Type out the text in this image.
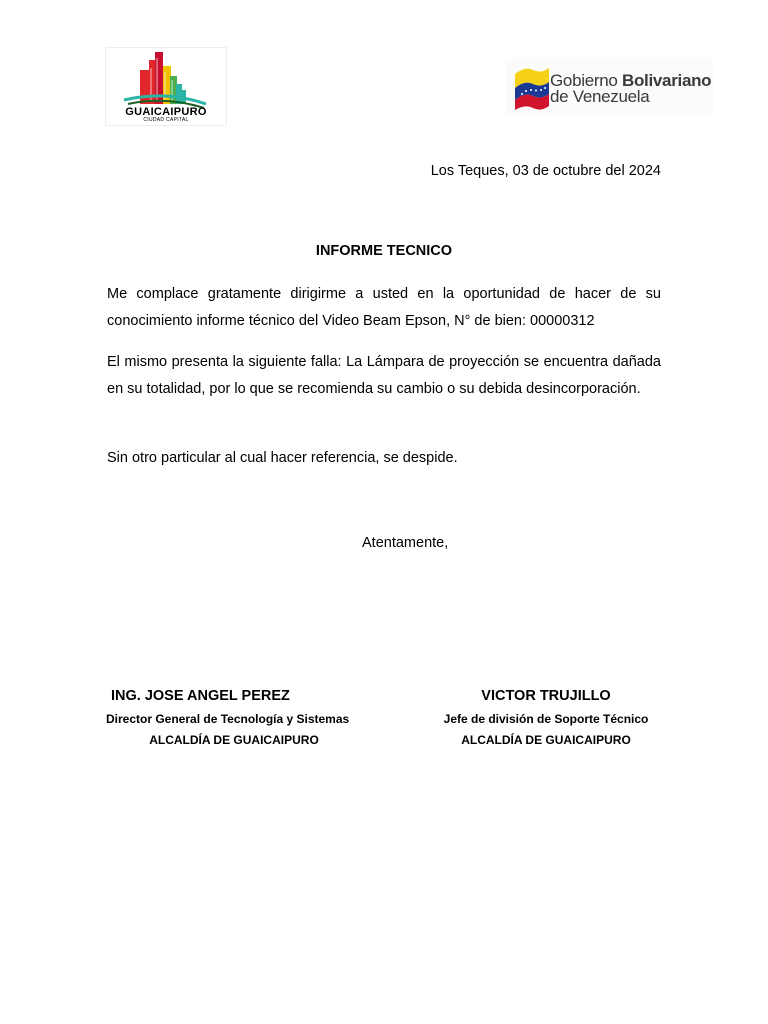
GUAICAIPURO
CIUDAD CAPITAL
Gobierno Bolivariano
de Venezuela
Los Teques, 03 de octubre del 2024
INFORME TECNICO
Me complace gratamente dirigirme a usted en la oportunidad de hacer de su conocimiento informe técnico del Video Beam Epson, N° de bien: 00000312
El mismo presenta la siguiente falla: La Lámpara de proyección se encuentra dañada en su totalidad, por lo que se recomienda su cambio o su debida desincorporación.
Sin otro particular al cual hacer referencia, se despide.
Atentamente,
ING. JOSE ANGEL PEREZ
Director General de Tecnología y Sistemas
ALCALDÍA DE GUAICAIPURO
VICTOR TRUJILLO
Jefe de división de Soporte Técnico
ALCALDÍA DE GUAICAIPURO
